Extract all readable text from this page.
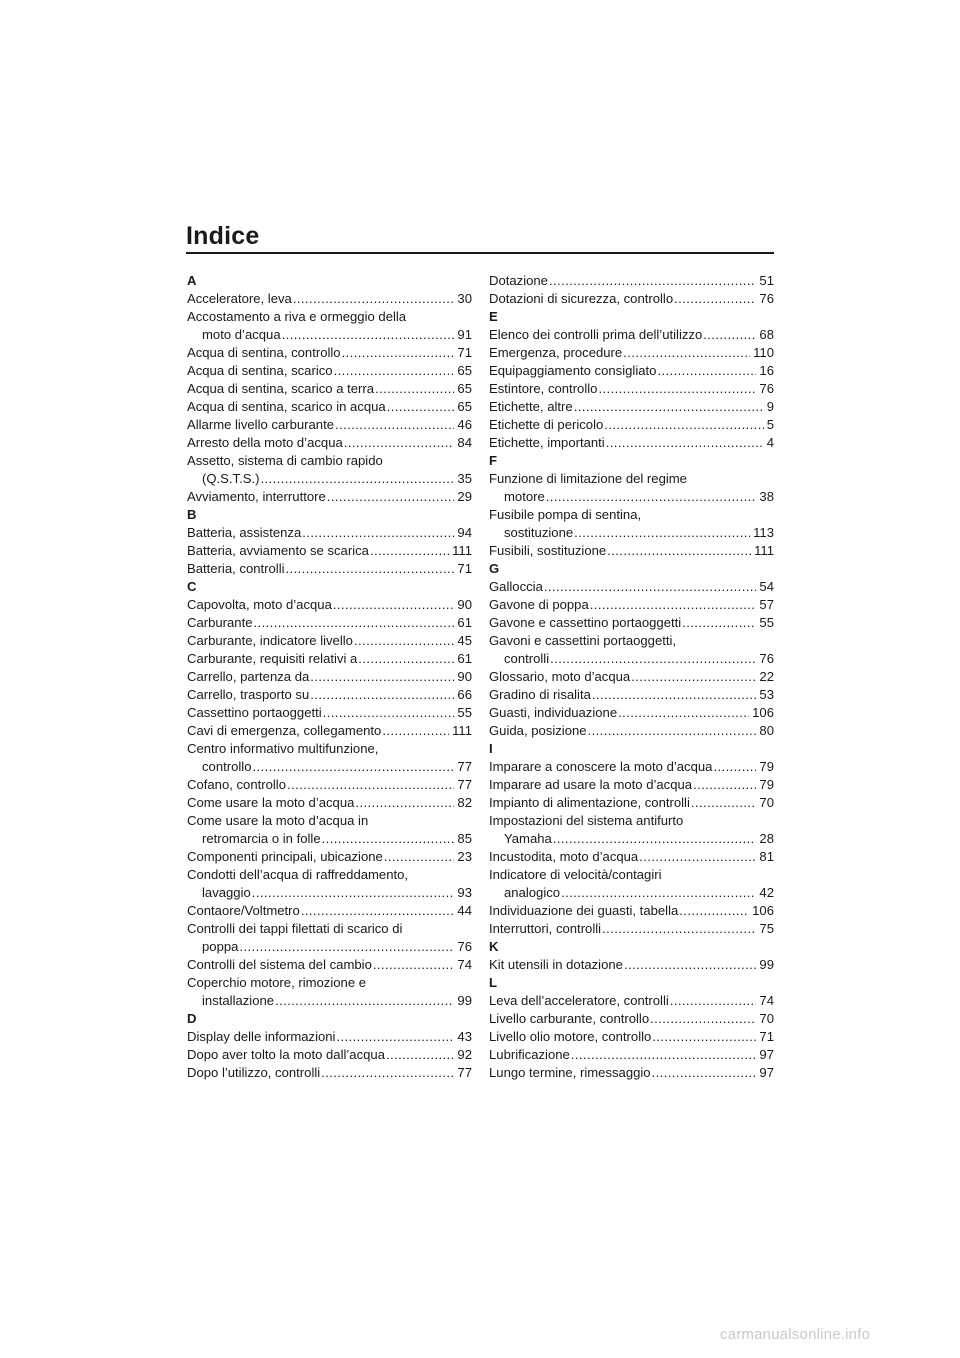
Indice
A
Acceleratore, leva .....	30
Accostamento a riva e ormeggio della
moto d’acqua .....	91
Acqua di sentina, controllo .....	71
Acqua di sentina, scarico .....	65
Acqua di sentina, scarico a terra .....	65
Acqua di sentina, scarico in acqua .....	65
Allarme livello carburante .....	46
Arresto della moto d’acqua .....	84
Assetto, sistema di cambio rapido
(Q.S.T.S.) .....	35
Avviamento, interruttore .....	29
B
Batteria, assistenza .....	94
Batteria, avviamento se scarica .....	111
Batteria, controlli .....	71
C
Capovolta, moto d’acqua .....	90
Carburante .....	61
Carburante, indicatore livello .....	45
Carburante, requisiti relativi a .....	61
Carrello, partenza da .....	90
Carrello, trasporto su .....	66
Cassettino portaoggetti .....	55
Cavi di emergenza, collegamento .....	111
Centro informativo multifunzione,
controllo .....	77
Cofano, controllo .....	77
Come usare la moto d’acqua .....	82
Come usare la moto d’acqua in
retromarcia o in folle .....	85
Componenti principali, ubicazione .....	23
Condotti dell’acqua di raffreddamento,
lavaggio .....	93
Contaore/Voltmetro .....	44
Controlli dei tappi filettati di scarico di
poppa .....	76
Controlli del sistema del cambio .....	74
Coperchio motore, rimozione e
installazione .....	99
D
Display delle informazioni .....	43
Dopo aver tolto la moto dall’acqua .....	92
Dopo l’utilizzo, controlli .....	77
Dotazione .....	51
Dotazioni di sicurezza, controllo .....	76
E
Elenco dei controlli prima dell’utilizzo .....	68
Emergenza, procedure .....	110
Equipaggiamento consigliato .....	16
Estintore, controllo .....	76
Etichette, altre .....	9
Etichette di pericolo .....	5
Etichette, importanti .....	4
F
Funzione di limitazione del regime
motore .....	38
Fusibile pompa di sentina,
sostituzione .....	113
Fusibili, sostituzione .....	111
G
Galloccia .....	54
Gavone di poppa .....	57
Gavone e cassettino portaoggetti .....	55
Gavoni e cassettini portaoggetti,
controlli .....	76
Glossario, moto d’acqua .....	22
Gradino di risalita .....	53
Guasti, individuazione .....	106
Guida, posizione .....	80
I
Imparare a conoscere la moto d’acqua .....	79
Imparare ad usare la moto d’acqua .....	79
Impianto di alimentazione, controlli .....	70
Impostazioni del sistema antifurto
Yamaha .....	28
Incustodita, moto d’acqua .....	81
Indicatore di velocità/contagiri
analogico .....	42
Individuazione dei guasti, tabella .....	106
Interruttori, controlli .....	75
K
Kit utensili in dotazione .....	99
L
Leva dell’acceleratore, controlli .....	74
Livello carburante, controllo .....	70
Livello olio motore, controllo .....	71
Lubrificazione .....	97
Lungo termine, rimessaggio .....	97
carmanualsonline.info
